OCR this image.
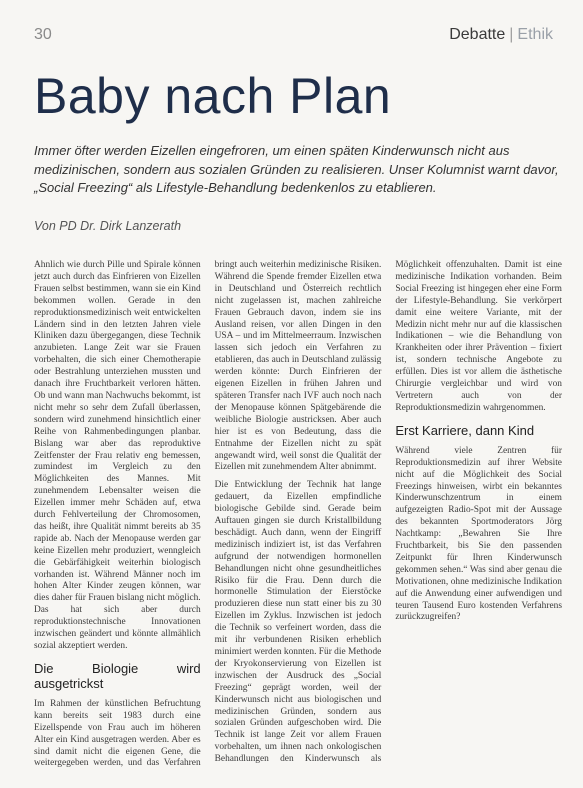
30	Debatte | Ethik
Baby nach Plan

Immer öfter werden Eizellen eingefroren, um einen späten Kinderwunsch nicht aus medizinischen, sondern aus sozialen Gründen zu realisieren. Unser Kolumnist warnt davor, „Social Freezing“ als Lifestyle-Behandlung bedenkenlos zu etablieren.

Von PD Dr. Dirk Lanzerath

Ahnlich wie durch Pille und Spirale können jetzt auch durch das Einfrieren von Eizellen Frauen selbst bestimmen, wann sie ein Kind bekommen wollen. Gerade in den reproduktionsmedizinisch weit entwickelten Ländern sind in den letzten Jahren viele Kliniken dazu übergegangen, diese Technik anzubieten. Lange Zeit war sie Frauen vorbehalten, die sich einer Chemotherapie oder Bestrahlung unterziehen mussten und danach ihre Fruchtbarkeit verloren hätten. Ob und wann man Nachwuchs bekommt, ist nicht mehr so sehr dem Zufall überlassen, sondern wird zunehmend hinsichtlich einer Reihe von Rahmenbedingungen planbar. Bislang war aber das reproduktive Zeitfenster der Frau relativ eng bemessen, zumindest im Vergleich zu den Möglichkeiten des Mannes. Mit zunehmendem Lebensalter weisen die Eizellen immer mehr Schäden auf, etwa durch Fehlverteilung der Chromosomen, das heißt, ihre Qualität nimmt bereits ab 35 rapide ab. Nach der Menopause werden gar keine Eizellen mehr produziert, wenngleich die Gebärfähigkeit weiterhin biologisch vorhanden ist. Während Männer noch im hohen Alter Kinder zeugen können, war dies daher für Frauen bislang nicht möglich. Das hat sich aber durch reproduktionstechnische Innovationen inzwischen geändert und könnte allmählich sozial akzeptiert werden.

Die Biologie wird ausgetrickst

Im Rahmen der künstlichen Befruchtung kann bereits seit 1983 durch eine Eizellspende von Frau auch im höheren Alter ein Kind ausgetragen werden. Aber es sind damit nicht die eigenen Gene, die weitergegeben werden, und das Verfahren bringt auch weiterhin medizinische Risiken. Während die Spende fremder Eizellen etwa in Deutschland und Österreich rechtlich nicht zugelassen ist, machen zahlreiche Frauen Gebrauch davon, indem sie ins Ausland reisen, vor allen Dingen in den USA – und im Mittelmeerraum. Inzwischen lassen sich jedoch ein Verfahren zu etablieren, das auch in Deutschland zulässig werden könnte: Durch Einfrieren der eigenen Eizellen in frühen Jahren und späteren Transfer nach IVF auch noch nach der Menopause können Spätgebärende die weibliche Biologie austricksen. Aber auch hier ist es von Bedeutung, dass die Entnahme der Eizellen nicht zu spät angewandt wird, weil sonst die Qualität der Eizellen mit zunehmendem Alter abnimmt.

Die Entwicklung der Technik hat lange gedauert, da Eizellen empfindliche biologische Gebilde sind. Gerade beim Auftauen gingen sie durch Kristallbildung beschädigt. Auch dann, wenn der Eingriff medizinisch indiziert ist, ist das Verfahren aufgrund der notwendigen hormonellen Behandlungen nicht ohne gesundheitliches Risiko für die Frau. Denn durch die hormonelle Stimulation der Eierstöcke produzieren diese nun statt einer bis zu 30 Eizellen im Zyklus. Inzwischen ist jedoch die Technik so verfeinert worden, dass die mit ihr verbundenen Risiken erheblich minimiert werden konnten. Für die Methode der Kryokonservierung von Eizellen ist inzwischen der Ausdruck des „Social Freezing“ geprägt worden, weil der Kinderwunsch nicht aus biologischen und medizinischen Gründen, sondern aus sozialen Gründen aufgeschoben wird. Die Technik ist lange Zeit vor allem Frauen vorbehalten, um ihnen nach onkologischen Behandlungen den Kinderwunsch als Möglichkeit offenzuhalten. Damit ist eine medizinische Indikation vorhanden. Beim Social Freezing ist hingegen eher eine Form der Lifestyle-Behandlung. Sie verkörpert damit eine weitere Variante, mit der Medizin nicht mehr nur auf die klassischen Indikationen – wie die Behandlung von Krankheiten oder ihrer Prävention – fixiert ist, sondern technische Angebote zu erfüllen. Dies ist vor allem die ästhetische Chirurgie vergleichbar und wird von Vertretern auch von der Reproduktionsmedizin wahrgenommen.

Erst Karriere, dann Kind

Während viele Zentren für Reproduktionsmedizin auf ihrer Website nicht auf die Möglichkeit des Social Freezings hinweisen, wirbt ein bekanntes Kinderwunschzentrum in einem aufgezeigten Radio-Spot mit der Aussage des bekannten Sportmoderators Jörg Nachtkamp: „Bewahren Sie Ihre Fruchtbarkeit, bis Sie den passenden Zeitpunkt für Ihren Kinderwunsch gekommen sehen.“ Was sind aber genau die Motivationen, ohne medizinische Indikation auf die Anwendung einer aufwendigen und teuren Tausend Euro kostenden Verfahrens zurückzugreifen?
